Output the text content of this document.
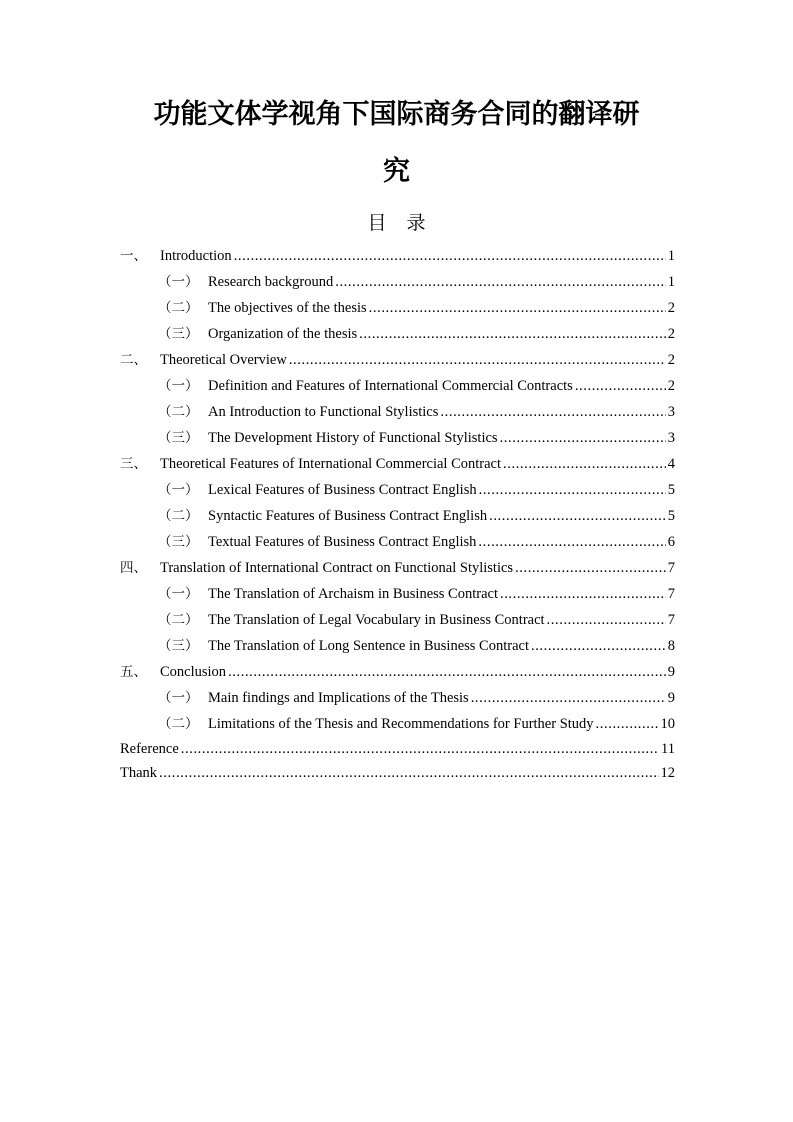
功能文体学视角下国际商务合同的翻译研
究
目 录
一、 Introduction .....	1
（一） Research background .....	1
（二） The objectives of the thesis .....	2
（三） Organization of the thesis .....	2
二、 Theoretical Overview .....	2
（一） Definition and Features of International Commercial Contracts .....	2
（二） An Introduction to Functional Stylistics .....	3
（三） The Development History of Functional Stylistics .....	3
三、 Theoretical Features of International Commercial Contract .....	4
（一） Lexical Features of Business Contract English .....	5
（二） Syntactic Features of Business Contract English .....	5
（三） Textual Features of Business Contract English .....	6
四、 Translation of International Contract on Functional Stylistics .....	7
（一） The Translation of Archaism in Business Contract .....	7
（二） The Translation of Legal Vocabulary in Business Contract .....	7
（三） The Translation of Long Sentence in Business Contract .....	8
五、 Conclusion .....	9
（一） Main findings and Implications of the Thesis .....	9
（二） Limitations of the Thesis and Recommendations for Further Study .....	10
Reference .....	11
Thank .....	12
